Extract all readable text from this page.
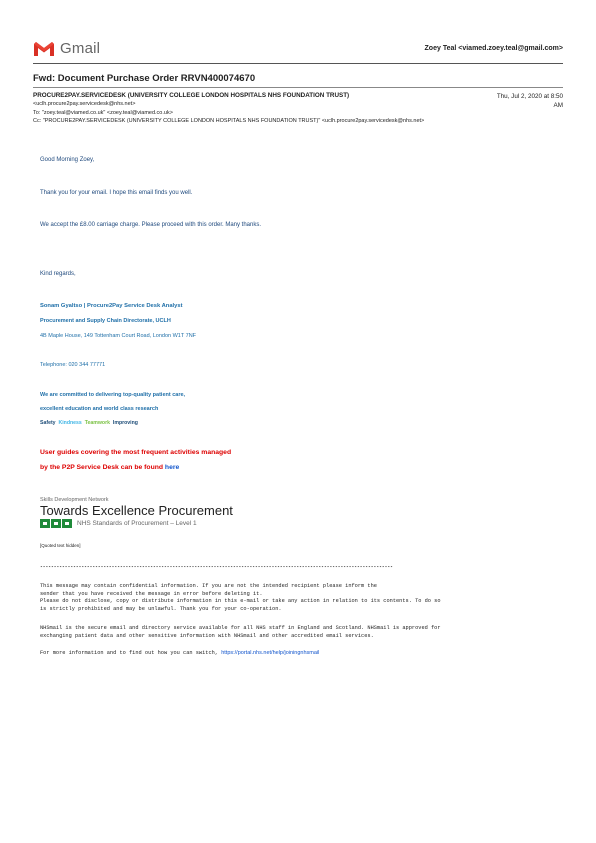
Gmail	Zoey Teal <viamed.zoey.teal@gmail.com>
Fwd: Document Purchase Order RRVN400074670
PROCURE2PAY.SERVICEDESK (UNIVERSITY COLLEGE LONDON HOSPITALS NHS FOUNDATION TRUST)	Thu, Jul 2, 2020 at 8:50
AM
<uclh.procure2pay.servicedesk@nhs.net>
To: "zoey.teal@viamed.co.uk" <zoey.teal@viamed.co.uk>
Cc: "PROCURE2PAY.SERVICEDESK (UNIVERSITY COLLEGE LONDON HOSPITALS NHS FOUNDATION TRUST)" <uclh.procure2pay.servicedesk@nhs.net>
Good Morning Zoey,
Thank you for your email. I hope this email finds you well.
We accept the £8.00 carriage charge. Please proceed with this order. Many thanks.
Kind regards,
Sonam Gyaltso | Procure2Pay Service Desk Analyst
Procurement and Supply Chain Directorate, UCLH
4B Maple House, 149 Tottenham Court Road, London W1T 7NF
Telephone: 020 344 77771
We are committed to delivering top-quality patient care,
excellent education and world class research
Safety Kindness Teamwork Improving
User guides covering the most frequent activities managed
by the P2P Service Desk can be found here
Skills Development Network
Towards Excellence Procurement
NHS Standards of Procurement – Level 1
[Quoted text hidden]
********************************************************************************************************************************
This message may contain confidential information. If you are not the intended recipient please inform the
sender that you have received the message in error before deleting it.
Please do not disclose, copy or distribute information in this e-mail or take any action in relation to its contents. To do so
is strictly prohibited and may be unlawful. Thank you for your co-operation.
NHSmail is the secure email and directory service available for all NHS staff in England and Scotland. NHSmail is approved for
exchanging patient data and other sensitive information with NHSmail and other accredited email services.
For more information and to find out how you can switch, https://portal.nhs.net/help/joiningnhsmail
